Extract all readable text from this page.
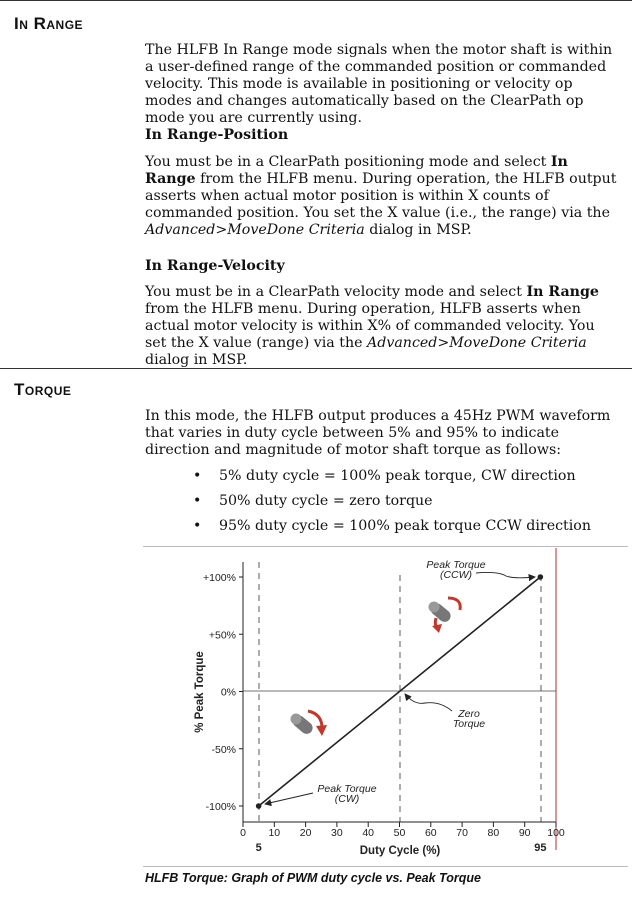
In Range

The HLFB In Range mode signals when the motor shaft is within a user-defined range of the commanded position or commanded velocity. This mode is available in positioning or velocity op modes and changes automatically based on the ClearPath op mode you are currently using.

In Range-Position

You must be in a ClearPath positioning mode and select In Range from the HLFB menu. During operation, the HLFB output asserts when actual motor position is within X counts of commanded position. You set the X value (i.e., the range) via the Advanced>MoveDone Criteria dialog in MSP.

In Range-Velocity

You must be in a ClearPath velocity mode and select In Range from the HLFB menu. During operation, HLFB asserts when actual motor velocity is within X% of commanded velocity. You set the X value (range) via the Advanced>MoveDone Criteria dialog in MSP.

Torque

In this mode, the HLFB output produces a 45Hz PWM waveform that varies in duty cycle between 5% and 95% to indicate direction and magnitude of motor shaft torque as follows:

• 5% duty cycle = 100% peak torque, CW direction
• 50% duty cycle = zero torque
• 95% duty cycle = 100% peak torque CCW direction
+100%
+50%
0%
-50%
-100%
0 10 20 30 40 50 60 70 80 90 100
5	95
% Peak Torque
Duty Cycle (%)
Peak Torque
(CCW)
Zero
Torque
Peak Torque
(CW)
HLFB Torque: Graph of PWM duty cycle vs. Peak Torque
